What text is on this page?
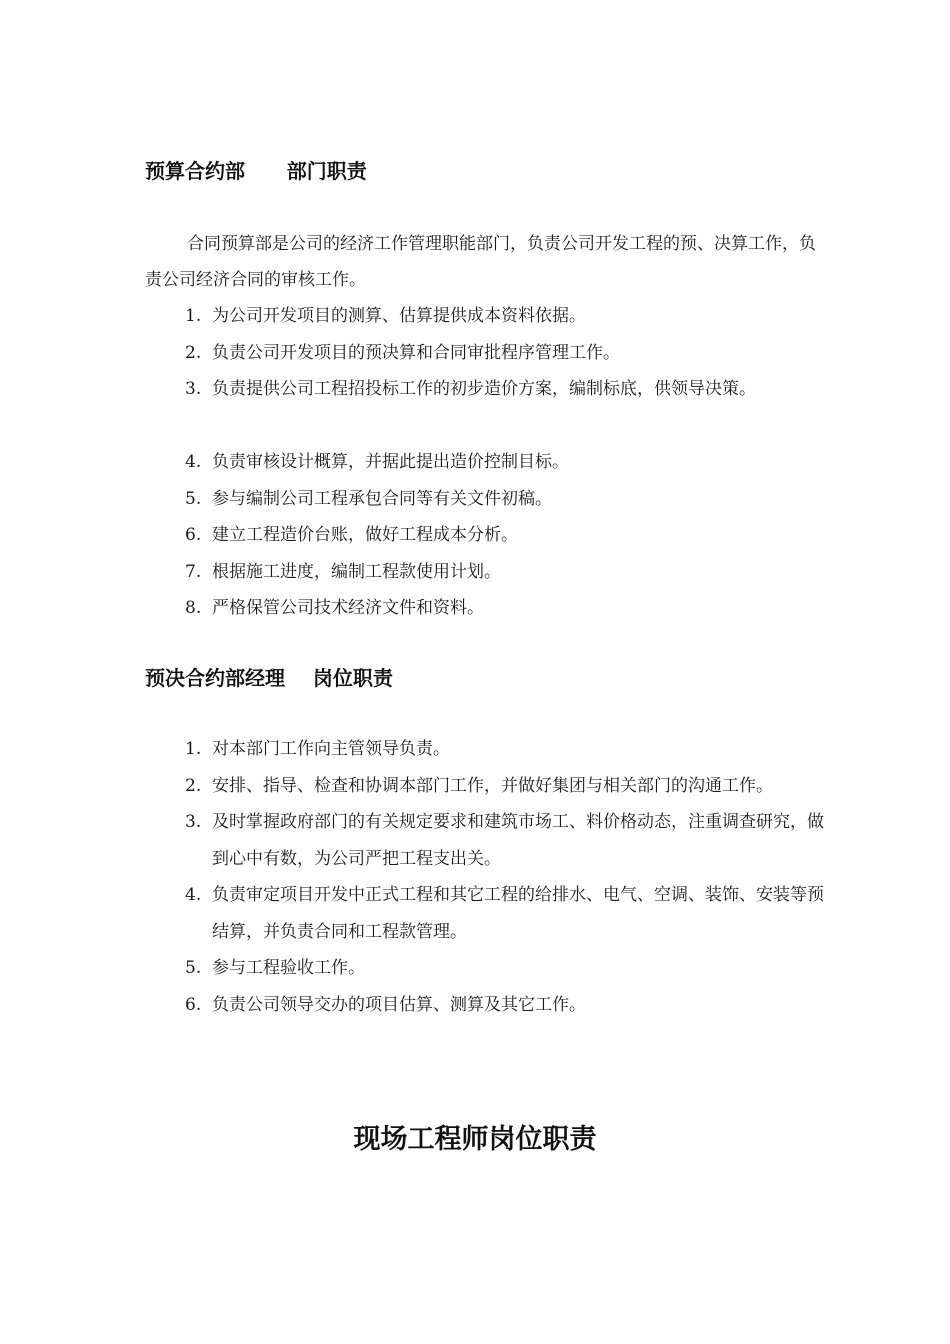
预算合约部      部门职责
合同预算部是公司的经济工作管理职能部门，负责公司开发工程的预、决算工作，负责公司经济合同的审核工作。
1. 为公司开发项目的测算、估算提供成本资料依据。
2. 负责公司开发项目的预决算和合同审批程序管理工作。
3. 负责提供公司工程招投标工作的初步造价方案，编制标底，供领导决策。
4. 负责审核设计概算，并据此提出造价控制目标。
5. 参与编制公司工程承包合同等有关文件初稿。
6. 建立工程造价台账，做好工程成本分析。
7. 根据施工进度，编制工程款使用计划。
8. 严格保管公司技术经济文件和资料。
预决合约部经理    岗位职责
1. 对本部门工作向主管领导负责。
2. 安排、指导、检查和协调本部门工作，并做好集团与相关部门的沟通工作。
3. 及时掌握政府部门的有关规定要求和建筑市场工、料价格动态，注重调查研究，做到心中有数，为公司严把工程支出关。
4. 负责审定项目开发中正式工程和其它工程的给排水、电气、空调、装饰、安装等预结算，并负责合同和工程款管理。
5. 参与工程验收工作。
6. 负责公司领导交办的项目估算、测算及其它工作。
现场工程师岗位职责
